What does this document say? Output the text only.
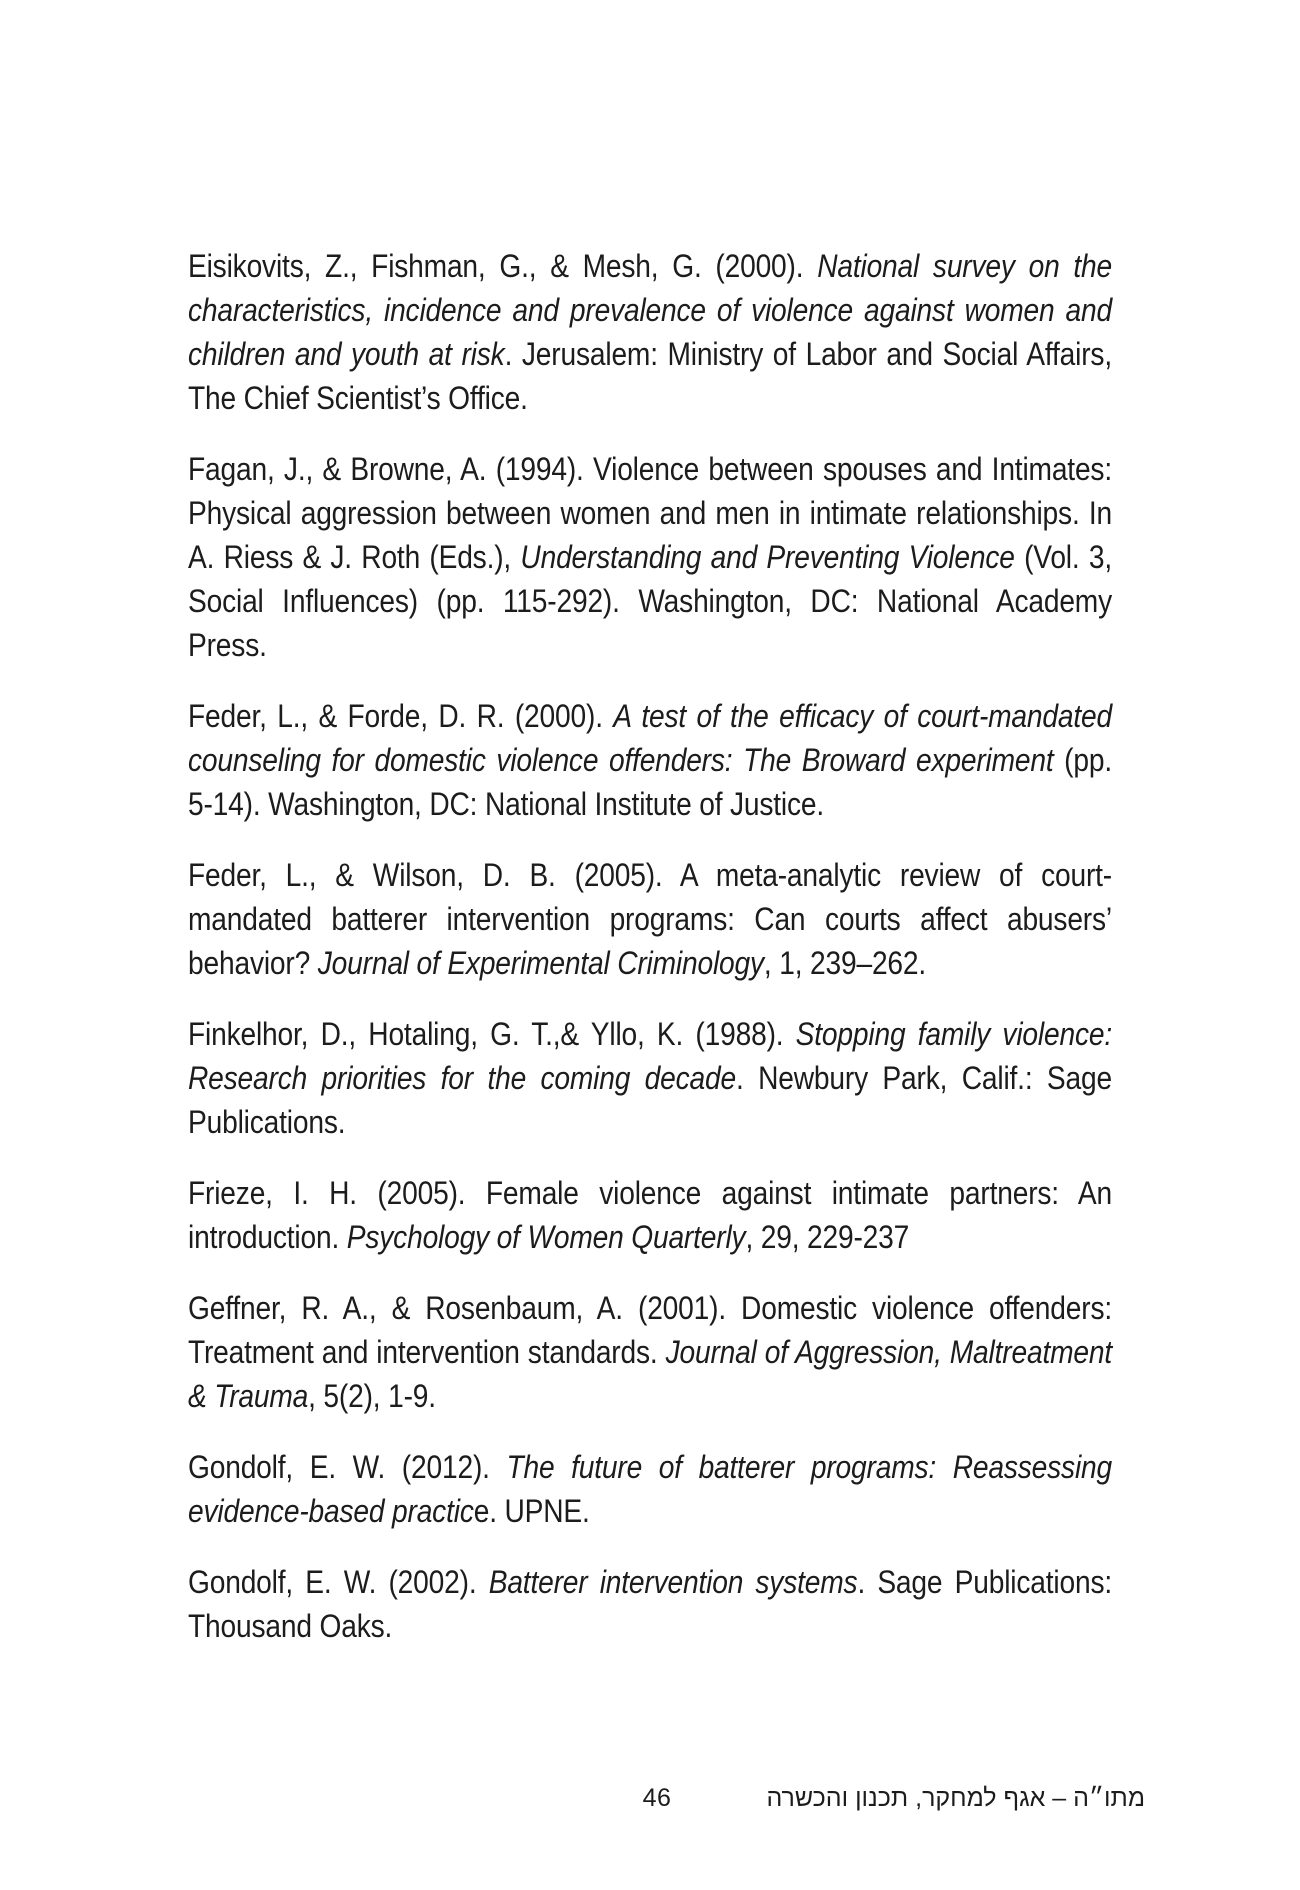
Eisikovits, Z., Fishman, G., & Mesh, G. (2000). National survey on the characteristics, incidence and prevalence of violence against women and children and youth at risk. Jerusalem: Ministry of Labor and Social Affairs, The Chief Scientist’s Office.

Fagan, J., & Browne, A. (1994). Violence between spouses and Intimates: Physical aggression between women and men in intimate relationships. In A. Riess & J. Roth (Eds.), Understanding and Preventing Violence (Vol. 3, Social Influences) (pp. 115-292). Washington, DC: National Academy Press.

Feder, L., & Forde, D. R. (2000). A test of the efficacy of court-mandated counseling for domestic violence offenders: The Broward experiment (pp. 5-14). Washington, DC: National Institute of Justice.

Feder, L., & Wilson, D. B. (2005). A meta-analytic review of court-mandated batterer intervention programs: Can courts affect abusers’ behavior? Journal of Experimental Criminology, 1, 239–262.

Finkelhor, D., Hotaling, G. T.,& Yllo, K. (1988). Stopping family violence: Research priorities for the coming decade. Newbury Park, Calif.: Sage Publications.

Frieze, I. H. (2005). Female violence against intimate partners: An introduction. Psychology of Women Quarterly, 29, 229-237

Geffner, R. A., & Rosenbaum, A. (2001). Domestic violence offenders: Treatment and intervention standards. Journal of Aggression, Maltreatment & Trauma, 5(2), 1-9.

Gondolf, E. W. (2012). The future of batterer programs: Reassessing evidence-based practice. UPNE.

Gondolf, E. W. (2002). Batterer intervention systems. Sage Publications: Thousand Oaks.

46	מתו״ה – אגף למחקר, תכנון והכשרה
